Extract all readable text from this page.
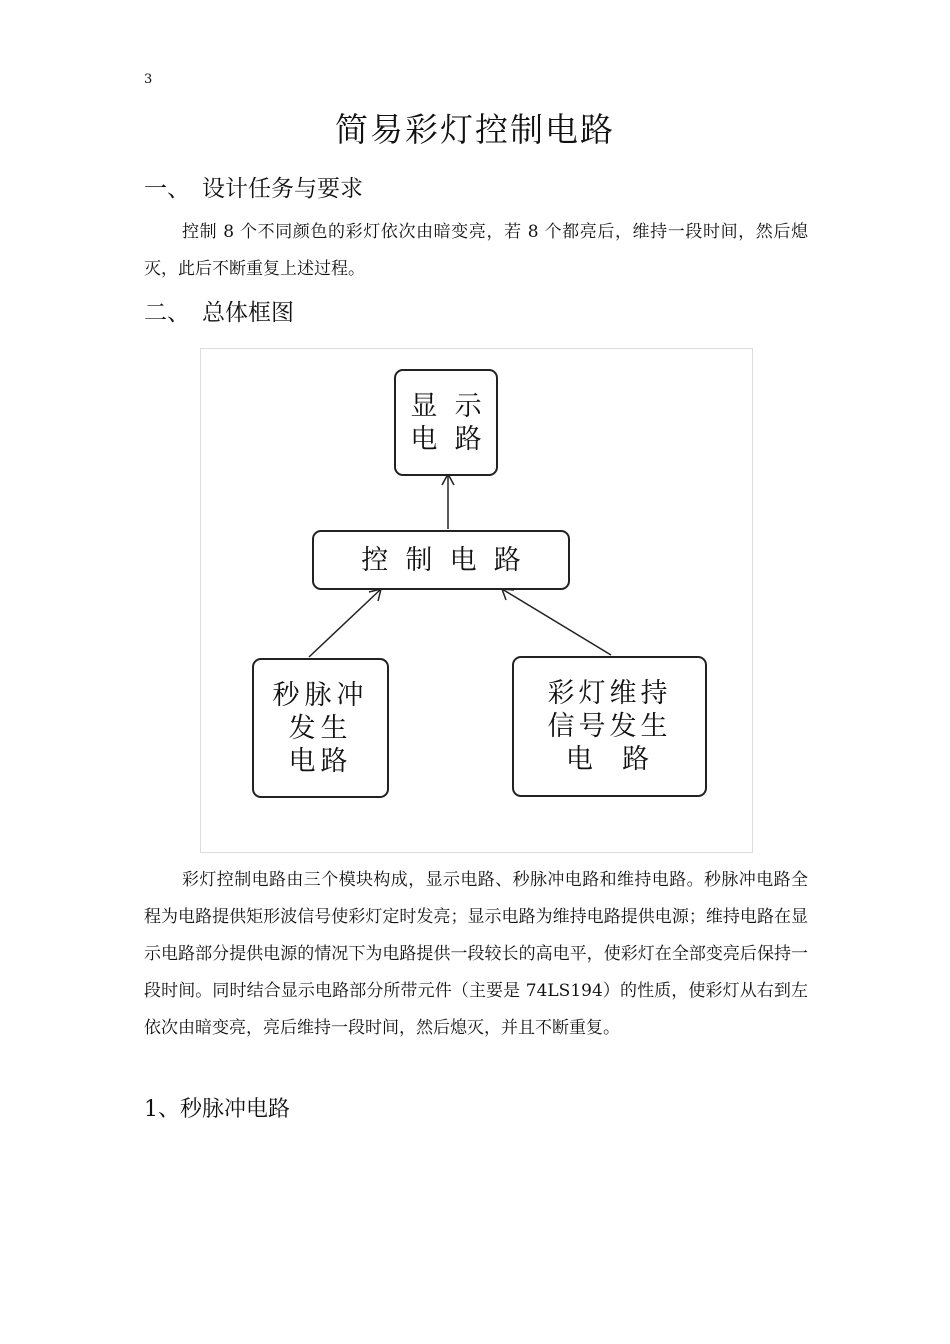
3
简易彩灯控制电路
一、 设计任务与要求
控制 8 个不同颜色的彩灯依次由暗变亮，若 8 个都亮后，维持一段时间，然后熄灭，此后不断重复上述过程。
二、 总体框图
显  示
电  路
控  制  电  路
秒脉冲
发生
电路
彩灯维持
信号发生
电  路
彩灯控制电路由三个模块构成，显示电路、秒脉冲电路和维持电路。秒脉冲电路全程为电路提供矩形波信号使彩灯定时发亮；显示电路为维持电路提供电源；维持电路在显示电路部分提供电源的情况下为电路提供一段较长的高电平，使彩灯在全部变亮后保持一段时间。同时结合显示电路部分所带元件（主要是 74LS194）的性质，使彩灯从右到左依次由暗变亮，亮后维持一段时间，然后熄灭，并且不断重复。
1、秒脉冲电路
